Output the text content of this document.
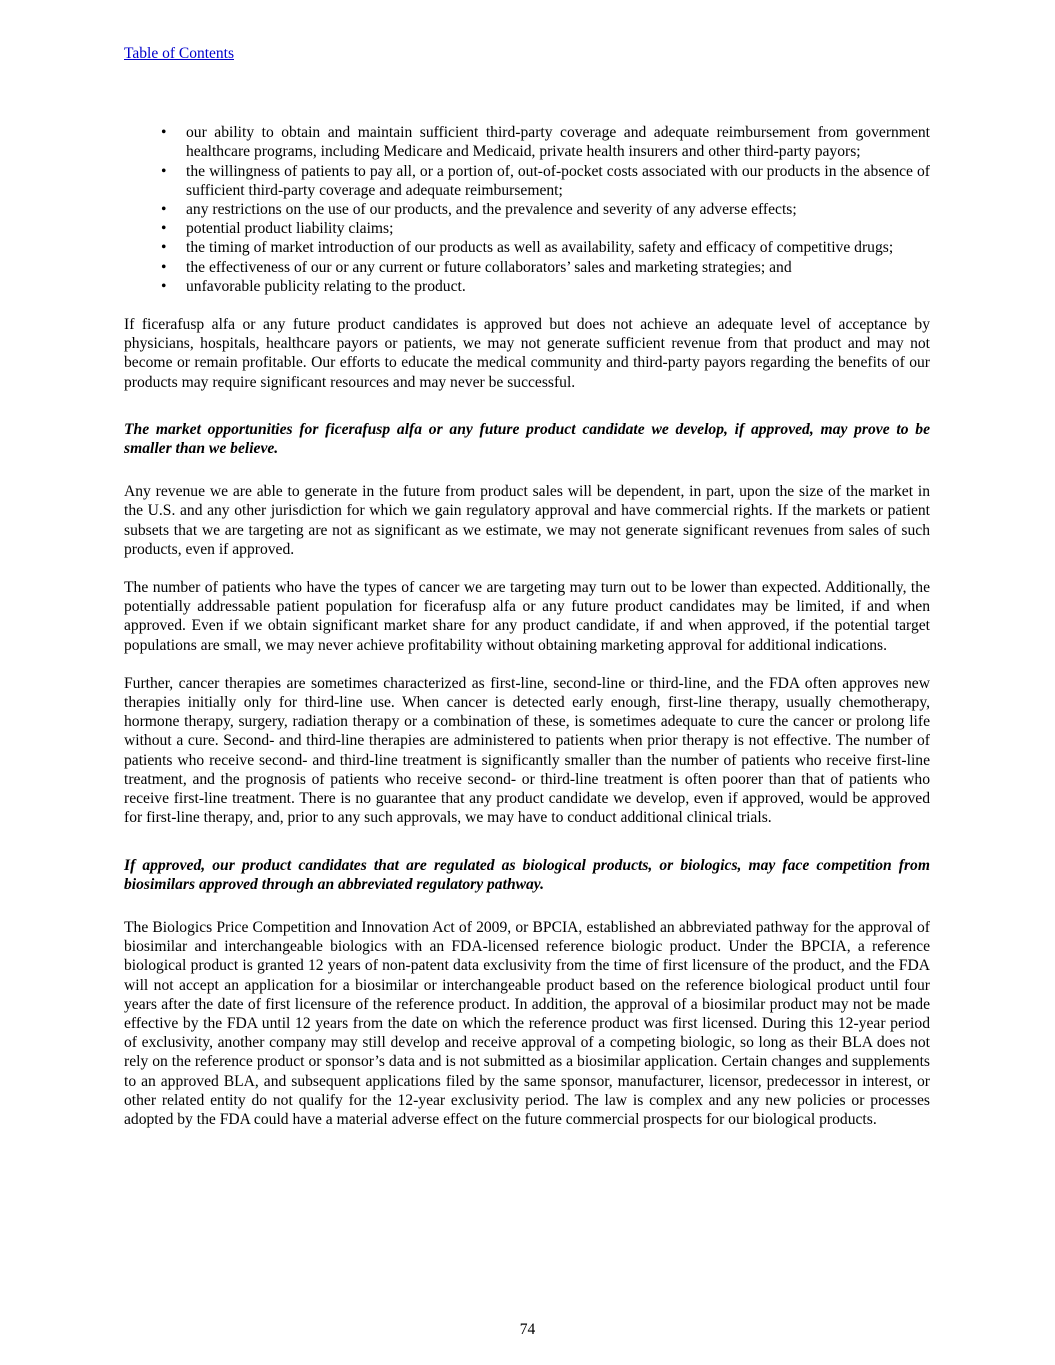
Table of Contents
•	our ability to obtain and maintain sufficient third-party coverage and adequate reimbursement from government healthcare programs, including Medicare and Medicaid, private health insurers and other third-party payors;
•	the willingness of patients to pay all, or a portion of, out-of-pocket costs associated with our products in the absence of sufficient third-party coverage and adequate reimbursement;
•	any restrictions on the use of our products, and the prevalence and severity of any adverse effects;
•	potential product liability claims;
•	the timing of market introduction of our products as well as availability, safety and efficacy of competitive drugs;
•	the effectiveness of our or any current or future collaborators’ sales and marketing strategies; and
•	unfavorable publicity relating to the product.

If ficerafusp alfa or any future product candidates is approved but does not achieve an adequate level of acceptance by physicians, hospitals, healthcare payors or patients, we may not generate sufficient revenue from that product and may not become or remain profitable. Our efforts to educate the medical community and third-party payors regarding the benefits of our products may require significant resources and may never be successful.

The market opportunities for ficerafusp alfa or any future product candidate we develop, if approved, may prove to be smaller than we believe.

Any revenue we are able to generate in the future from product sales will be dependent, in part, upon the size of the market in the U.S. and any other jurisdiction for which we gain regulatory approval and have commercial rights. If the markets or patient subsets that we are targeting are not as significant as we estimate, we may not generate significant revenues from sales of such products, even if approved.

The number of patients who have the types of cancer we are targeting may turn out to be lower than expected. Additionally, the potentially addressable patient population for ficerafusp alfa or any future product candidates may be limited, if and when approved. Even if we obtain significant market share for any product candidate, if and when approved, if the potential target populations are small, we may never achieve profitability without obtaining marketing approval for additional indications.

Further, cancer therapies are sometimes characterized as first-line, second-line or third-line, and the FDA often approves new therapies initially only for third-line use. When cancer is detected early enough, first-line therapy, usually chemotherapy, hormone therapy, surgery, radiation therapy or a combination of these, is sometimes adequate to cure the cancer or prolong life without a cure. Second- and third-line therapies are administered to patients when prior therapy is not effective. The number of patients who receive second- and third-line treatment is significantly smaller than the number of patients who receive first-line treatment, and the prognosis of patients who receive second- or third-line treatment is often poorer than that of patients who receive first-line treatment. There is no guarantee that any product candidate we develop, even if approved, would be approved for first-line therapy, and, prior to any such approvals, we may have to conduct additional clinical trials.

If approved, our product candidates that are regulated as biological products, or biologics, may face competition from biosimilars approved through an abbreviated regulatory pathway.

The Biologics Price Competition and Innovation Act of 2009, or BPCIA, established an abbreviated pathway for the approval of biosimilar and interchangeable biologics with an FDA-licensed reference biologic product. Under the BPCIA, a reference biological product is granted 12 years of non-patent data exclusivity from the time of first licensure of the product, and the FDA will not accept an application for a biosimilar or interchangeable product based on the reference biological product until four years after the date of first licensure of the reference product. In addition, the approval of a biosimilar product may not be made effective by the FDA until 12 years from the date on which the reference product was first licensed. During this 12-year period of exclusivity, another company may still develop and receive approval of a competing biologic, so long as their BLA does not rely on the reference product or sponsor’s data and is not submitted as a biosimilar application. Certain changes and supplements to an approved BLA, and subsequent applications filed by the same sponsor, manufacturer, licensor, predecessor in interest, or other related entity do not qualify for the 12-year exclusivity period. The law is complex and any new policies or processes adopted by the FDA could have a material adverse effect on the future commercial prospects for our biological products.

74
